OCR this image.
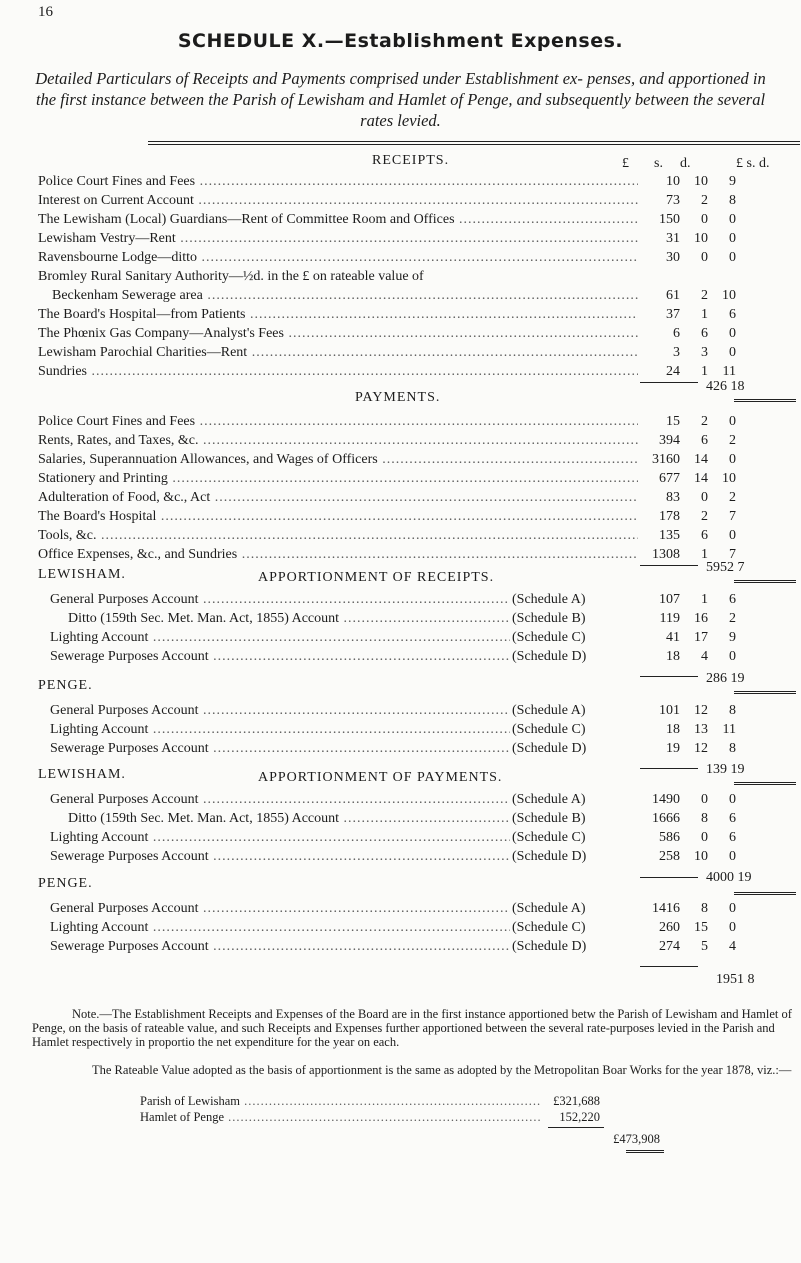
16
SCHEDULE X.—Establishment Expenses.
Detailed Particulars of Receipts and Payments comprised under Establishment ex- penses, and apportioned in the first instance between the Parish of Lewisham and Hamlet of Penge, and subsequently between the several rates levied.
RECEIPTS.	£ s. d.	£ s. d.
Police Court Fines and Fees .....	10	10	9
Interest on Current Account .....	73	2	8
The Lewisham (Local) Guardians—Rent of Committee Room and Offices .....	150	0	0
Lewisham Vestry—Rent .....	31	10	0
Ravensbourne Lodge—ditto .....	30	0	0
Bromley Rural Sanitary Authority—½d. in the £ on rateable value of
Beckenham Sewerage area .....	61	2	10
The Board's Hospital—from Patients .....	37	1	6
The Phœnix Gas Company—Analyst's Fees .....	6	6	0
Lewisham Parochial Charities—Rent .....	3	3	0
Sundries .....	24	1	11
426 18
PAYMENTS.
Police Court Fines and Fees .....	15	2	0
Rents, Rates, and Taxes, &c. .....	394	6	2
Salaries, Superannuation Allowances, and Wages of Officers .....	3160	14	0
Stationery and Printing .....	677	14	10
Adulteration of Food, &c., Act .....	83	0	2
The Board's Hospital .....	178	2	7
Tools, &c. .....	135	6	0
Office Expenses, &c., and Sundries .....	1308	1	7
5952 7
LEWISHAM.	APPORTIONMENT OF RECEIPTS.
General Purposes Account .....	(Schedule A)	107	1	6
Ditto (159th Sec. Met. Man. Act, 1855) Account .....	(Schedule B)	119	16	2
Lighting Account .....	(Schedule C)	41	17	9
Sewerage Purposes Account .....	(Schedule D)	18	4	0
286 19
PENGE.
General Purposes Account .....	(Schedule A)	101	12	8
Lighting Account .....	(Schedule C)	18	13	11
Sewerage Purposes Account .....	(Schedule D)	19	12	8
139 19
LEWISHAM.	APPORTIONMENT OF PAYMENTS.
General Purposes Account .....	(Schedule A)	1490	0	0
Ditto (159th Sec. Met. Man. Act, 1855) Account .....	(Schedule B)	1666	8	6
Lighting Account .....	(Schedule C)	586	0	6
Sewerage Purposes Account .....	(Schedule D)	258	10	0
4000 19
PENGE.
General Purposes Account .....	(Schedule A)	1416	8	0
Lighting Account .....	(Schedule C)	260	15	0
Sewerage Purposes Account .....	(Schedule D)	274	5	4
1951 8
Note.—The Establishment Receipts and Expenses of the Board are in the first instance apportioned betw the Parish of Lewisham and Hamlet of Penge, on the basis of rateable value, and such Receipts and Expenses further apportioned between the several rate-purposes levied in the Parish and Hamlet respectively in proportio the net expenditure for the year on each.
The Rateable Value adopted as the basis of apportionment is the same as adopted by the Metropolitan Boar Works for the year 1878, viz.:—
Parish of Lewisham .....	£321,688
Hamlet of Penge .....	152,220
£473,908
